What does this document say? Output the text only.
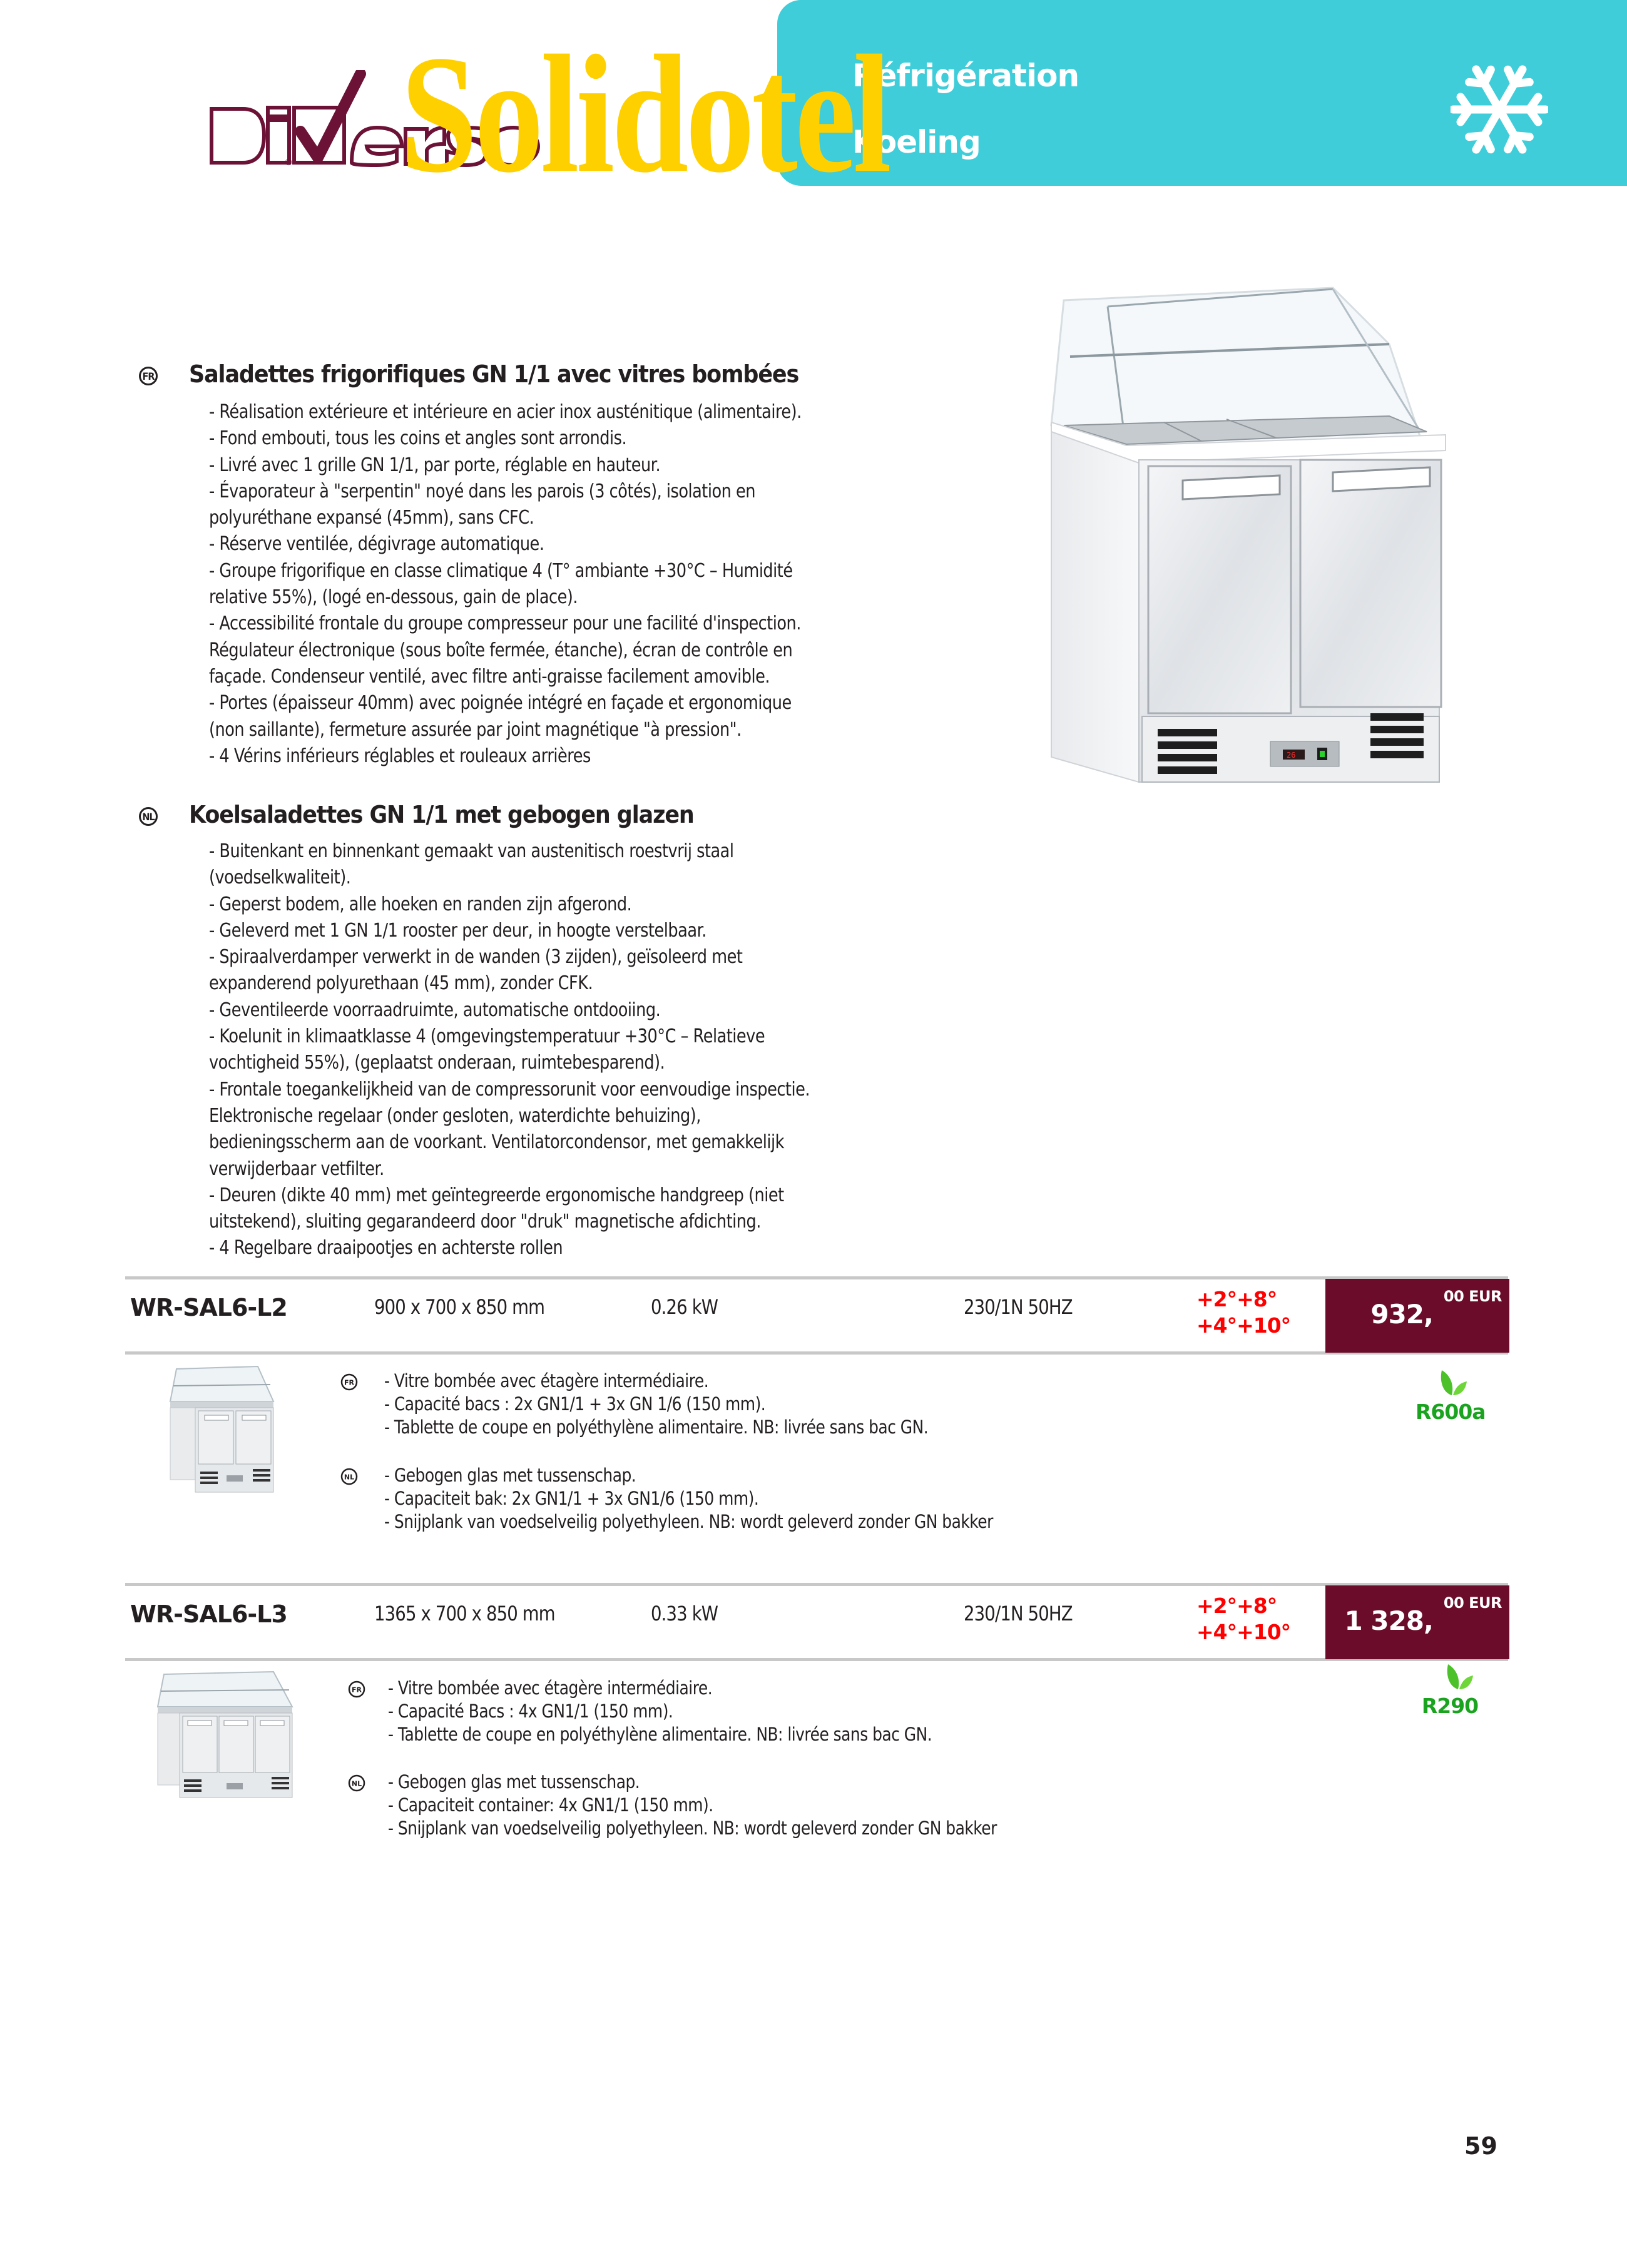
Réfrigération
Koeling
® Solidotel
FR Saladettes frigorifiques GN 1/1 avec vitres bombées
- Réalisation extérieure et intérieure en acier inox austénitique (alimentaire).
- Fond embouti, tous les coins et angles sont arrondis.
- Livré avec 1 grille GN 1/1, par porte, réglable en hauteur.
- Évaporateur à "serpentin" noyé dans les parois (3 côtés), isolation en
polyuréthane expansé (45mm), sans CFC.
- Réserve ventilée, dégivrage automatique.
- Groupe frigorifique en classe climatique 4 (T° ambiante +30°C – Humidité
relative 55%), (logé en-dessous, gain de place).
- Accessibilité frontale du groupe compresseur pour une facilité d'inspection.
Régulateur électronique (sous boîte fermée, étanche), écran de contrôle en
façade. Condenseur ventilé, avec filtre anti-graisse facilement amovible.
- Portes (épaisseur 40mm) avec poignée intégré en façade et ergonomique
(non saillante), fermeture assurée par joint magnétique "à pression".
- 4 Vérins inférieurs réglables et rouleaux arrières
NL Koelsaladettes GN 1/1 met gebogen glazen
- Buitenkant en binnenkant gemaakt van austenitisch roestvrij staal
(voedselkwaliteit).
- Geperst bodem, alle hoeken en randen zijn afgerond.
- Geleverd met 1 GN 1/1 rooster per deur, in hoogte verstelbaar.
- Spiraalverdamper verwerkt in de wanden (3 zijden), geïsoleerd met
expanderend polyurethaan (45 mm), zonder CFK.
- Geventileerde voorraadruimte, automatische ontdooiing.
- Koelunit in klimaatklasse 4 (omgevingstemperatuur +30°C – Relatieve
vochtigheid 55%), (geplaatst onderaan, ruimtebesparend).
- Frontale toegankelijkheid van de compressorunit voor eenvoudige inspectie.
Elektronische regelaar (onder gesloten, waterdichte behuizing),
bedieningsscherm aan de voorkant. Ventilatorcondensor, met gemakkelijk
verwijderbaar vetfilter.
- Deuren (dikte 40 mm) met geïntegreerde ergonomische handgreep (niet
uitstekend), sluiting gegarandeerd door "druk" magnetische afdichting.
- 4 Regelbare draaipootjes en achterste rollen
26
WR-SAL6-L2	900 x 700 x 850 mm	0.26 kW	230/1N 50HZ	+2°+8°
+4°+10°	932,
00 EUR
FR - Vitre bombée avec étagère intermédiaire.
- Capacité bacs : 2x GN1/1 + 3x GN 1/6 (150 mm).
- Tablette de coupe en polyéthylène alimentaire. NB: livrée sans bac GN.
NL - Gebogen glas met tussenschap.
- Capaciteit bak: 2x GN1/1 + 3x GN1/6 (150 mm).
- Snijplank van voedselveilig polyethyleen. NB: wordt geleverd zonder GN bakker
R600a
WR-SAL6-L3	1365 x 700 x 850 mm	0.33 kW	230/1N 50HZ	+2°+8°
+4°+10° 1 328,
00 EUR
FR - Vitre bombée avec étagère intermédiaire.
- Capacité Bacs : 4x GN1/1 (150 mm).
- Tablette de coupe en polyéthylène alimentaire. NB: livrée sans bac GN.
NL - Gebogen glas met tussenschap.
- Capaciteit container: 4x GN1/1 (150 mm).
- Snijplank van voedselveilig polyethyleen. NB: wordt geleverd zonder GN bakker
R290
59
